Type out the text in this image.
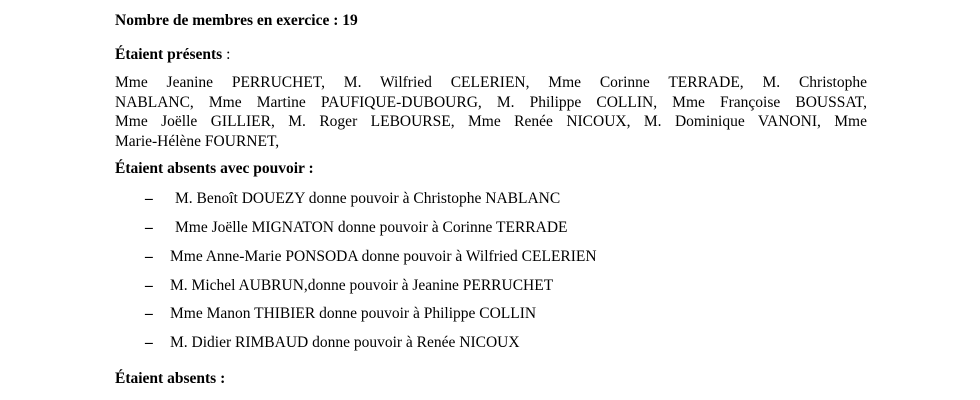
Nombre de membres en exercice : 19
Étaient présents :
Mme Jeanine PERRUCHET, M. Wilfried CELERIEN, Mme Corinne TERRADE, M. Christophe
NABLANC, Mme Martine PAUFIQUE-DUBOURG, M. Philippe COLLIN, Mme Françoise BOUSSAT,
Mme Joëlle GILLIER, M. Roger LEBOURSE, Mme Renée NICOUX, M. Dominique VANONI, Mme
Marie-Hélène FOURNET,
Étaient absents avec pouvoir :
– M. Benoît DOUEZY donne pouvoir à Christophe NABLANC
– Mme Joëlle MIGNATON donne pouvoir à Corinne TERRADE
– Mme Anne-Marie PONSODA donne pouvoir à Wilfried CELERIEN
– M. Michel AUBRUN,donne pouvoir à Jeanine PERRUCHET
– Mme Manon THIBIER donne pouvoir à Philippe COLLIN
– M. Didier RIMBAUD donne pouvoir à Renée NICOUX
Étaient absents :
